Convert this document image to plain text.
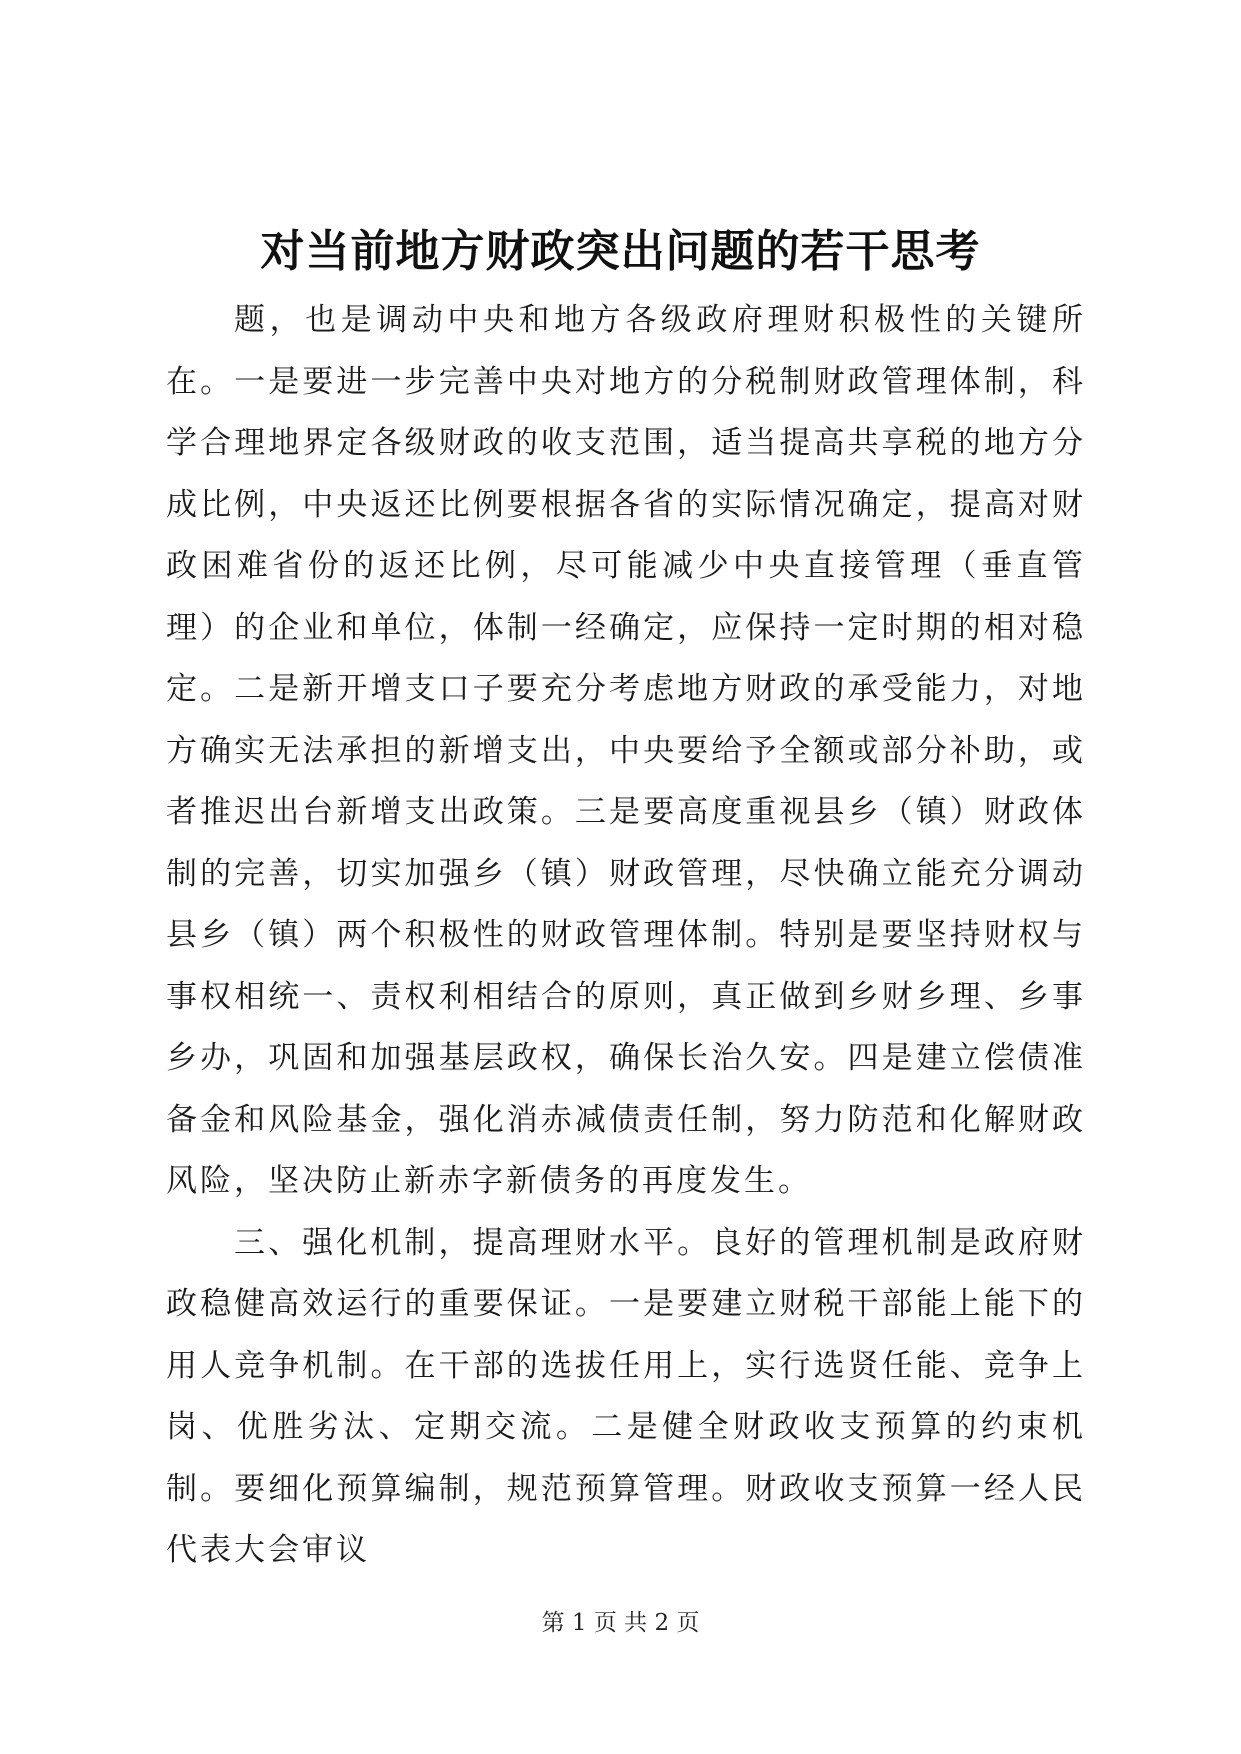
对当前地方财政突出问题的若干思考

题，也是调动中央和地方各级政府理财积极性的关键所在。一是要进一步完善中央对地方的分税制财政管理体制，科学合理地界定各级财政的收支范围，适当提高共享税的地方分成比例，中央返还比例要根据各省的实际情况确定，提高对财政困难省份的返还比例，尽可能减少中央直接管理（垂直管理）的企业和单位，体制一经确定，应保持一定时期的相对稳定。二是新开增支口子要充分考虑地方财政的承受能力，对地方确实无法承担的新增支出，中央要给予全额或部分补助，或者推迟出台新增支出政策。三是要高度重视县乡（镇）财政体制的完善，切实加强乡（镇）财政管理，尽快确立能充分调动县乡（镇）两个积极性的财政管理体制。特别是要坚持财权与事权相统一、责权利相结合的原则，真正做到乡财乡理、乡事乡办，巩固和加强基层政权，确保长治久安。四是建立偿债准备金和风险基金，强化消赤减债责任制，努力防范和化解财政风险，坚决防止新赤字新债务的再度发生。

三、强化机制，提高理财水平。良好的管理机制是政府财政稳健高效运行的重要保证。一是要建立财税干部能上能下的用人竞争机制。在干部的选拔任用上，实行选贤任能、竞争上岗、优胜劣汰、定期交流。二是健全财政收支预算的约束机制。要细化预算编制，规范预算管理。财政收支预算一经人民代表大会审议

第 1 页 共 2 页
